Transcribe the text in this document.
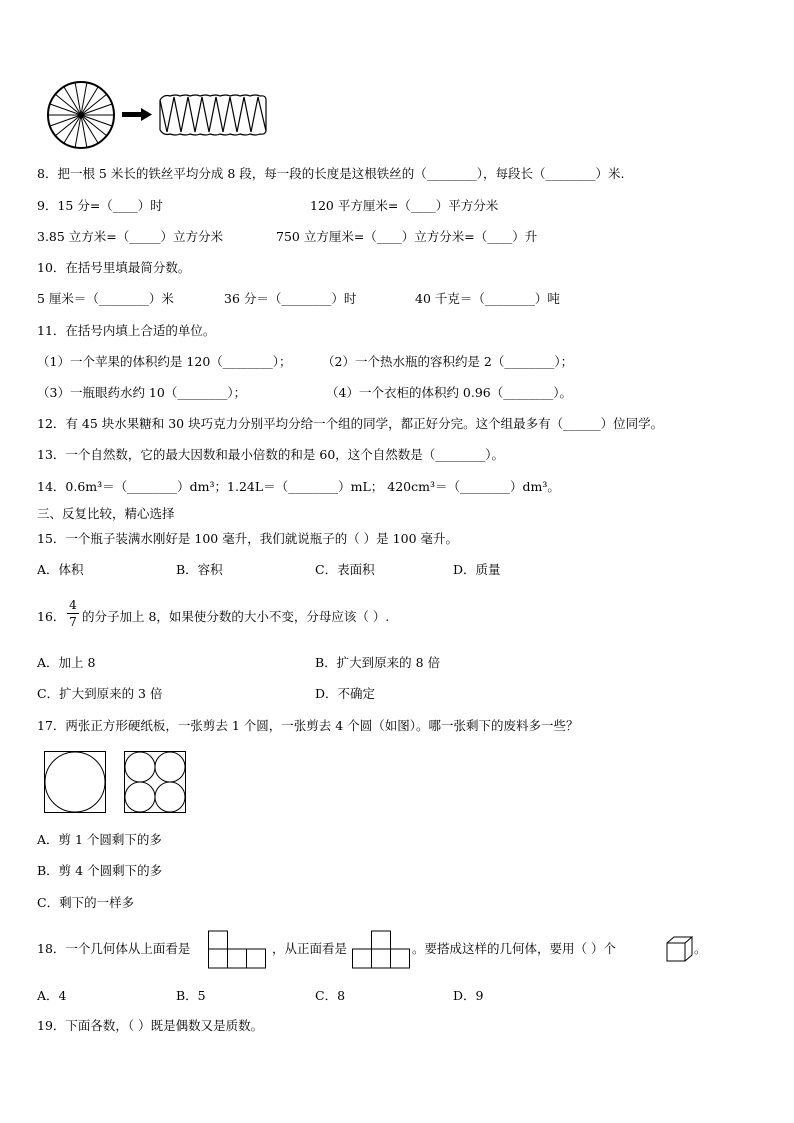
8．把一根 5 米长的铁丝平均分成 8 段，每一段的长度是这根铁丝的（________），每段长（________）米.
9．15 分=（____）时	120 平方厘米=（____）平方分米
3.85 立方米=（_____）立方分米	750 立方厘米=（____）立方分米=（____）升
10．在括号里填最简分数。
5 厘米＝（________）米	36 分＝（________）时	40 千克＝（________）吨
11．在括号内填上合适的单位。
（1）一个苹果的体积约是 120（________）； （2）一个热水瓶的容积约是 2（________）；
（3）一瓶眼药水约 10（________）；	（4）一个衣柜的体积约 0.96（________）。
12．有 45 块水果糖和 30 块巧克力分别平均分给一个组的同学，都正好分完。这个组最多有（______）位同学。
13．一个自然数，它的最大因数和最小倍数的和是 60，这个自然数是（________）。
14．0.6m³＝（________）dm³；1.24L＝（________）mL； 420cm³＝（________）dm³。
三、反复比较，精心选择
15．一个瓶子装满水刚好是 100 毫升，我们就说瓶子的（ ）是 100 毫升。
A．体积	B．容积	C．表面积	D．质量
16．
4
7 的分子加上 8，如果使分数的大小不变，分母应该（ ）.
A．加上 8	B．扩大到原来的 8 倍
C．扩大到原来的 3 倍	D．不确定
17．两张正方形硬纸板，一张剪去 1 个圆，一张剪去 4 个圆（如图）。哪一张剩下的废料多一些？
A．剪 1 个圆剩下的多
B．剪 4 个圆剩下的多
C．剩下的一样多
18．一个几何体从上面看是	，从正面看是	。要搭成这样的几何体，要用（ ）个	。
A．4	B．5	C．8	D．9
19．下面各数，（ ）既是偶数又是质数。
